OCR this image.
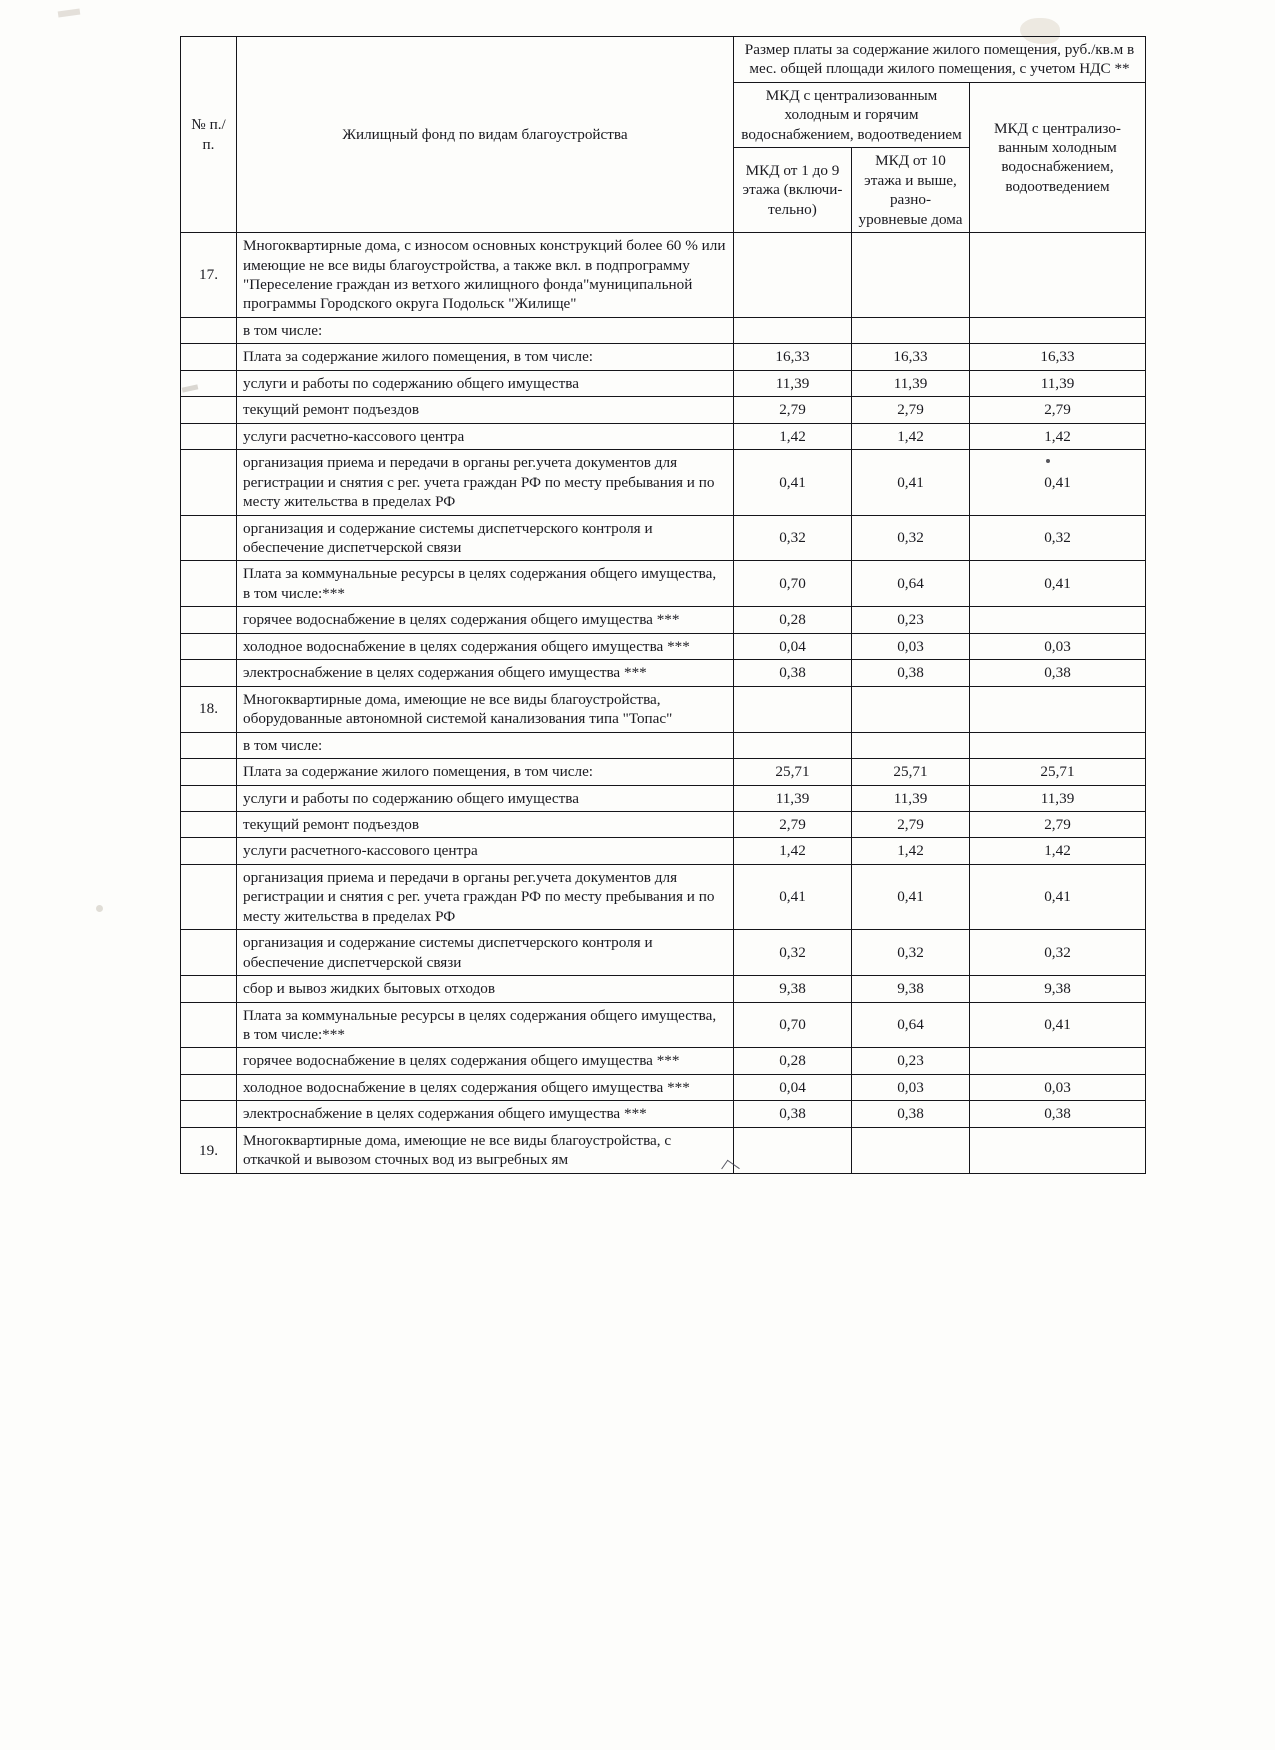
№ п./п.	Жилищный фонд по видам благоустройства	Размер платы за содержание жилого помещения, руб./кв.м в мес. общей площади жилого помещения, с учетом НДС **		
		МКД с централизованным холодным и горячим водоснабжением, водоотведением		МКД с централизо-ванным холодным водоснабжением, водоотведением
		МКД от 1 до 9 этажа (включи-тельно)	МКД от 10 этажа и выше, разно-уровневые дома	
17.	Многоквартирные дома, с износом основных конструкций более 60 % или имеющие не все виды благоустройства, а также вкл. в подпрограмму "Переселение граждан из ветхого жилищного фонда"муниципальной программы Городского округа Подольск "Жилище"			
	в том числе:			
	Плата за содержание жилого помещения, в том числе:	16,33	16,33	16,33
	услуги и работы по содержанию общего имущества	11,39	11,39	11,39
	текущий ремонт подъездов	2,79	2,79	2,79
	услуги расчетно-кассового центра	1,42	1,42	1,42
	организация приема и передачи в органы рег.учета документов для регистрации и снятия с рег. учета граждан РФ по месту пребывания и по месту жительства в пределах РФ	0,41	0,41	0,41
	организация и содержание системы диспетчерского контроля и обеспечение диспетчерской связи	0,32	0,32	0,32
	Плата за коммунальные ресурсы в целях содержания общего имущества, в том числе:***	0,70	0,64	0,41
	горячее водоснабжение в целях содержания общего имущества ***	0,28	0,23	
	холодное водоснабжение в целях содержания общего имущества ***	0,04	0,03	0,03
	электроснабжение в целях содержания общего имущества ***	0,38	0,38	0,38
18.	Многоквартирные дома, имеющие не все виды благоустройства, оборудованные автономной системой канализования типа "Топас"			
	в том числе:			
	Плата за содержание жилого помещения, в том числе:	25,71	25,71	25,71
	услуги и работы по содержанию общего имущества	11,39	11,39	11,39
	текущий ремонт подъездов	2,79	2,79	2,79
	услуги расчетного-кассового центра	1,42	1,42	1,42
	организация приема и передачи в органы рег.учета документов для регистрации и снятия с рег. учета граждан РФ по месту пребывания и по месту жительства в пределах РФ	0,41	0,41	0,41
	организация и содержание системы диспетчерского контроля и обеспечение диспетчерской связи	0,32	0,32	0,32
	сбор и вывоз жидких бытовых отходов	9,38	9,38	9,38
	Плата за коммунальные ресурсы в целях содержания общего имущества, в том числе:***	0,70	0,64	0,41
	горячее водоснабжение в целях содержания общего имущества ***	0,28	0,23	
	холодное водоснабжение в целях содержания общего имущества ***	0,04	0,03	0,03
	электроснабжение в целях содержания общего имущества ***	0,38	0,38	0,38
19.	Многоквартирные дома, имеющие не все виды благоустройства, с откачкой и вывозом сточных вод из выгребных ям			
